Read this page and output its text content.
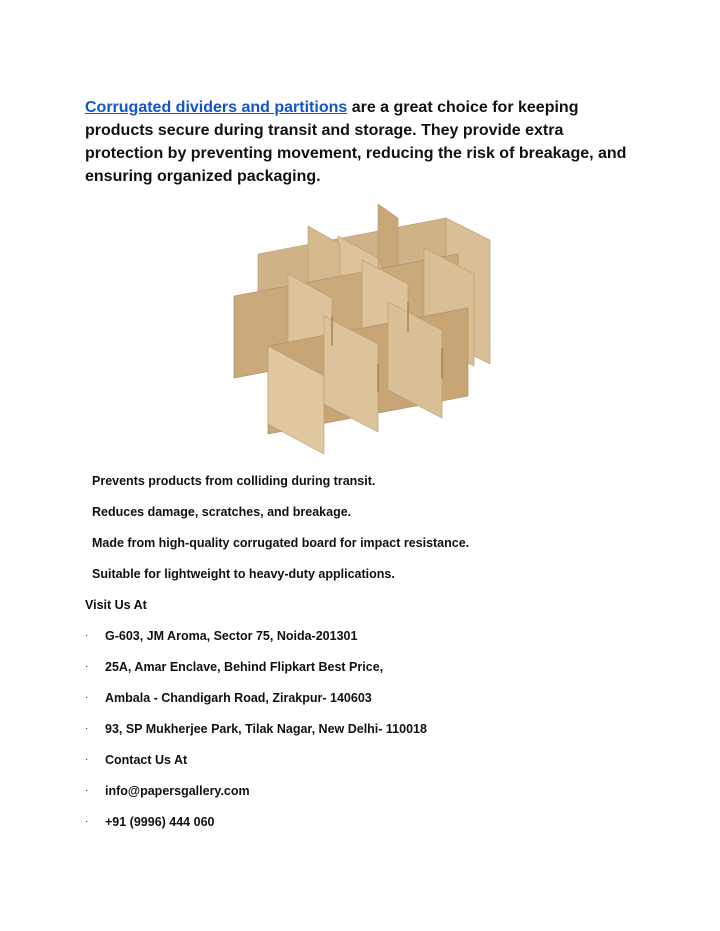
Corrugated dividers and partitions are a great choice for keeping products secure during transit and storage. They provide extra protection by preventing movement, reducing the risk of breakage, and ensuring organized packaging.

Prevents products from colliding during transit.

Reduces damage, scratches, and breakage.

Made from high-quality corrugated board for impact resistance.

Suitable for lightweight to heavy-duty applications.

Visit Us At

· G-603, JM Aroma, Sector 75, Noida-201301

· 25A, Amar Enclave, Behind Flipkart Best Price,

· Ambala - Chandigarh Road, Zirakpur- 140603

· 93, SP Mukherjee Park, Tilak Nagar, New Delhi- 110018

· Contact Us At

· info@papersgallery.com

· +91 (9996) 444 060
